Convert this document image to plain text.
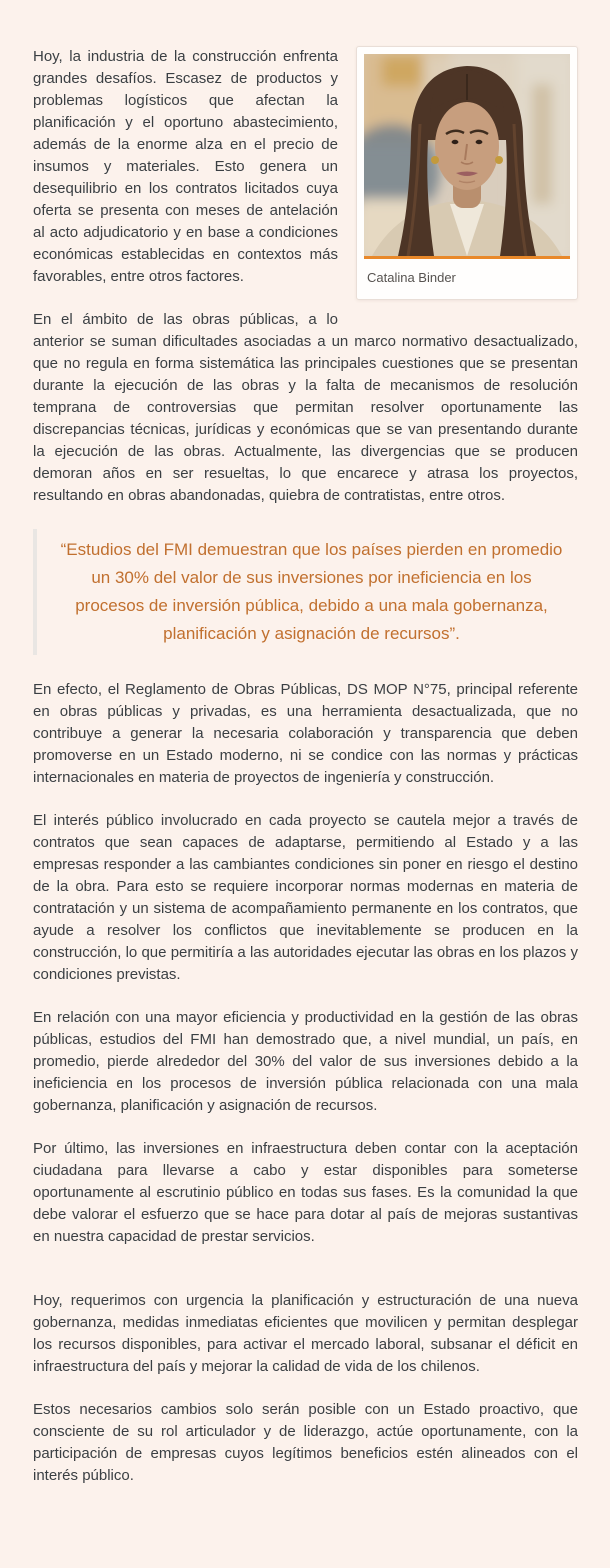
Catalina Binder

Hoy, la industria de la construcción enfrenta grandes desafíos. Escasez de productos y problemas logísticos que afectan la planificación y el oportuno abastecimiento, además de la enorme alza en el precio de insumos y materiales. Esto genera un desequilibrio en los contratos licitados cuya oferta se presenta con meses de antelación al acto adjudicatorio y en base a condiciones económicas establecidas en contextos más favorables, entre otros factores.

En el ámbito de las obras públicas, a lo anterior se suman dificultades asociadas a un marco normativo desactualizado, que no regula en forma sistemática las principales cuestiones que se presentan durante la ejecución de las obras y la falta de mecanismos de resolución temprana de controversias que permitan resolver oportunamente las discrepancias técnicas, jurídicas y económicas que se van presentando durante la ejecución de las obras. Actualmente, las divergencias que se producen demoran años en ser resueltas, lo que encarece y atrasa los proyectos, resultando en obras abandonadas, quiebra de contratistas, entre otros.

“Estudios del FMI demuestran que los países pierden en promedio un 30% del valor de sus inversiones por ineficiencia en los procesos de inversión pública, debido a una mala gobernanza, planificación y asignación de recursos”.

En efecto, el Reglamento de Obras Públicas, DS MOP N°75, principal referente en obras públicas y privadas, es una herramienta desactualizada, que no contribuye a generar la necesaria colaboración y transparencia que deben promoverse en un Estado moderno, ni se condice con las normas y prácticas internacionales en materia de proyectos de ingeniería y construcción.

El interés público involucrado en cada proyecto se cautela mejor a través de contratos que sean capaces de adaptarse, permitiendo al Estado y a las empresas responder a las cambiantes condiciones sin poner en riesgo el destino de la obra. Para esto se requiere incorporar normas modernas en materia de contratación y un sistema de acompañamiento permanente en los contratos, que ayude a resolver los conflictos que inevitablemente se producen en la construcción, lo que permitiría a las autoridades ejecutar las obras en los plazos y condiciones previstas.

En relación con una mayor eficiencia y productividad en la gestión de las obras públicas, estudios del FMI han demostrado que, a nivel mundial, un país, en promedio, pierde alrededor del 30% del valor de sus inversiones debido a la ineficiencia en los procesos de inversión pública relacionada con una mala gobernanza, planificación y asignación de recursos.

Por último, las inversiones en infraestructura deben contar con la aceptación ciudadana para llevarse a cabo y estar disponibles para someterse oportunamente al escrutinio público en todas sus fases. Es la comunidad la que debe valorar el esfuerzo que se hace para dotar al país de mejoras sustantivas en nuestra capacidad de prestar servicios.

Hoy, requerimos con urgencia la planificación y estructuración de una nueva gobernanza, medidas inmediatas eficientes que movilicen y permitan desplegar los recursos disponibles, para activar el mercado laboral, subsanar el déficit en infraestructura del país y mejorar la calidad de vida de los chilenos.

Estos necesarios cambios solo serán posible con un Estado proactivo, que consciente de su rol articulador y de liderazgo, actúe oportunamente, con la participación de empresas cuyos legítimos beneficios estén alineados con el interés público.
